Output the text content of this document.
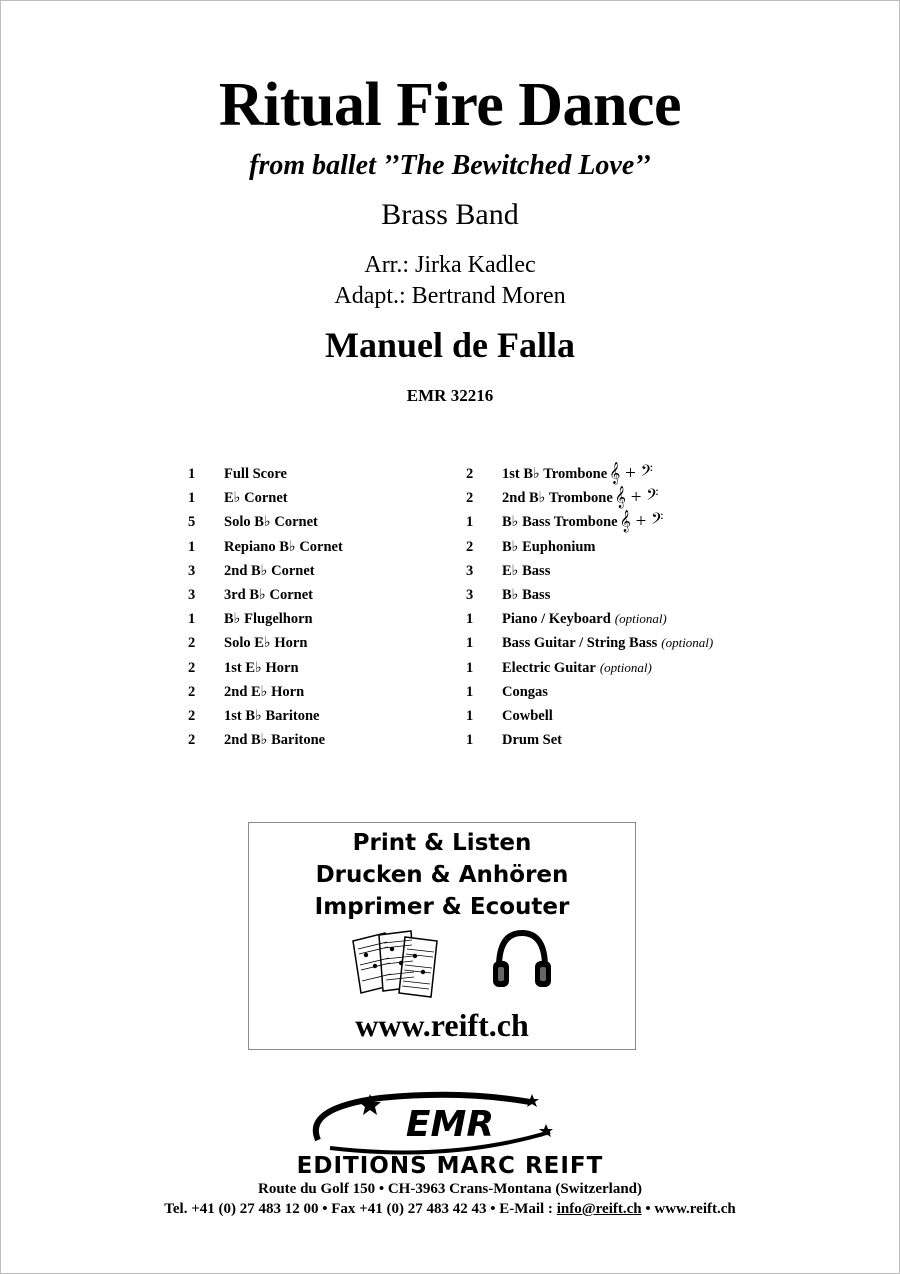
Ritual Fire Dance
from ballet ’’The Bewitched Love’’
Brass Band
Arr.: Jirka Kadlec
Adapt.: Bertrand Moren
Manuel de Falla
EMR 32216
1	Full Score
1	E♭ Cornet
5	Solo B♭ Cornet
1	Repiano B♭ Cornet
3	2nd B♭ Cornet
3	3rd B♭ Cornet
1	B♭ Flugelhorn
2	Solo E♭ Horn
2	1st E♭ Horn
2	2nd E♭ Horn
2	1st B♭ Baritone
2	2nd B♭ Baritone
2	1st B♭ Trombone 𝄞 + 𝄢
2	2nd B♭ Trombone 𝄞 + 𝄢
1	B♭ Bass Trombone 𝄞 + 𝄢
2	B♭ Euphonium
3	E♭ Bass
3	B♭ Bass
1	Piano / Keyboard (optional)
1	Bass Guitar / String Bass (optional)
1	Electric Guitar (optional)
1	Congas
1	Cowbell
1	Drum Set
Print & Listen
Drucken & Anhören
Imprimer & Ecouter
www.reift.ch
EMR
EDITIONS MARC REIFT
Route du Golf 150 • CH-3963 Crans-Montana (Switzerland)
Tel. +41 (0) 27 483 12 00 • Fax +41 (0) 27 483 42 43 • E-Mail : info@reift.ch • www.reift.ch
